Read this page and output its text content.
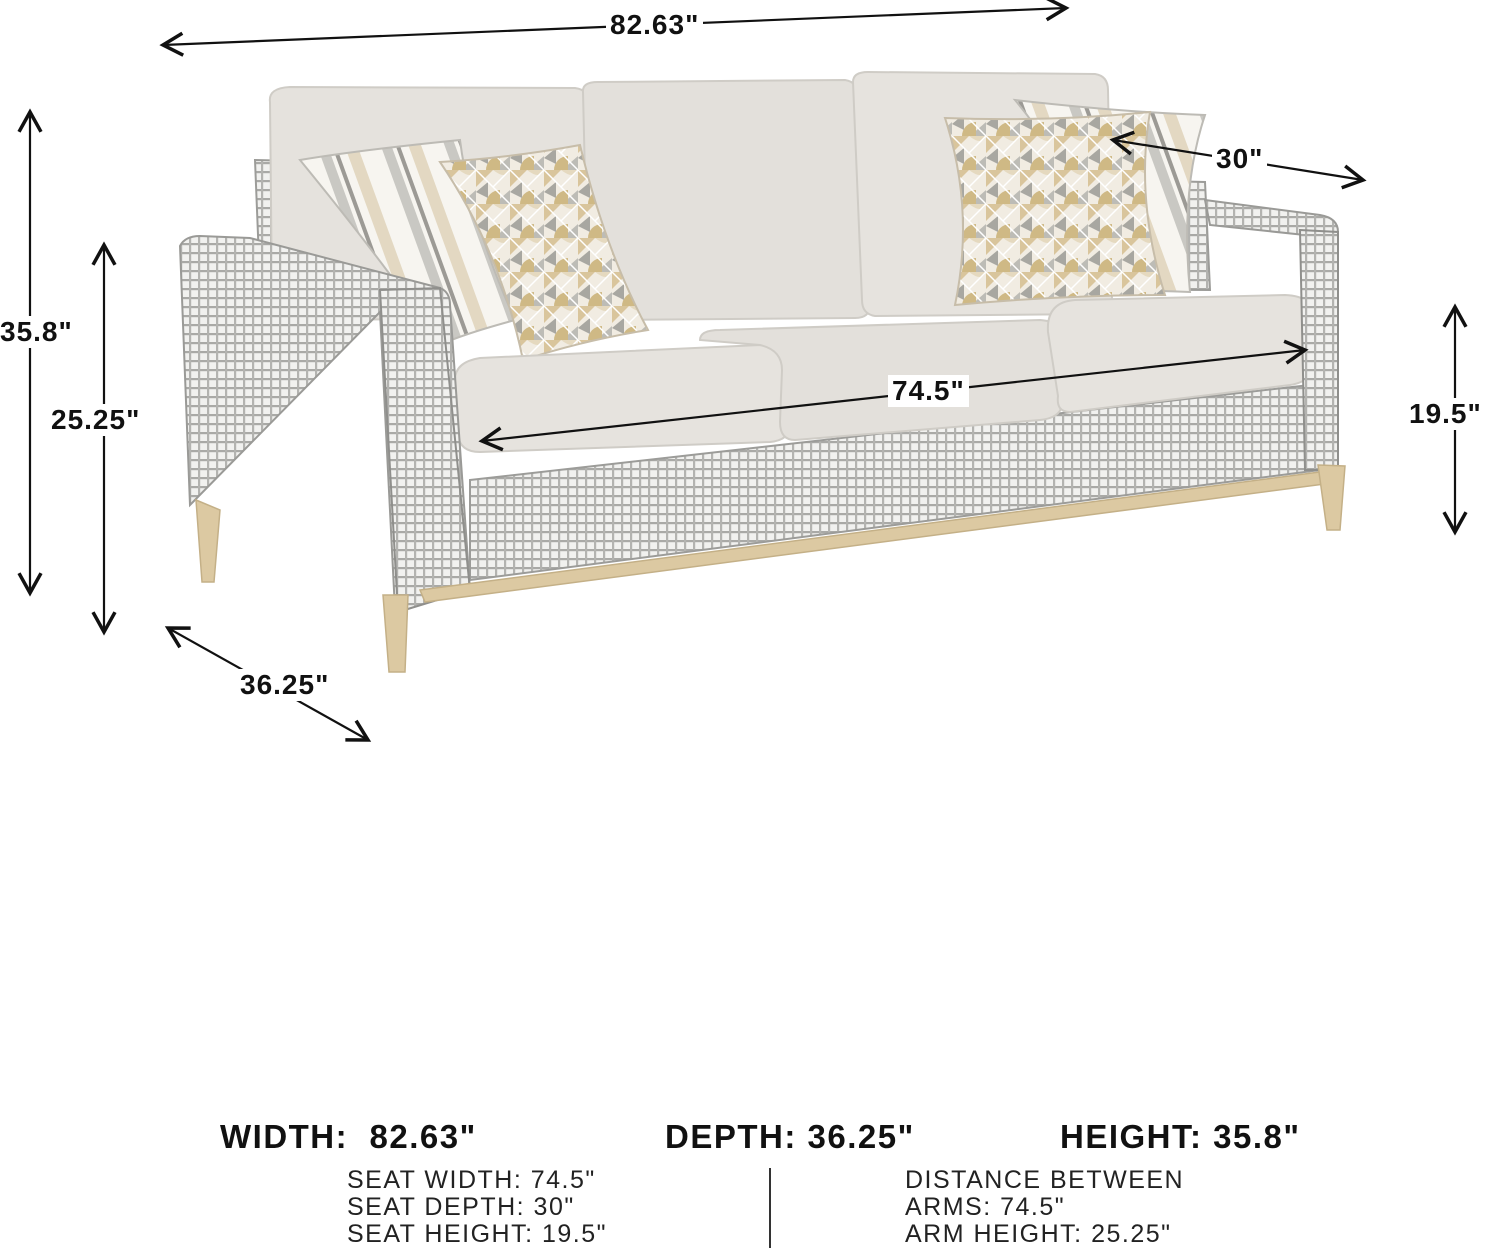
82.63"
35.8"
25.25"
36.25"
30"
74.5"
19.5"
WIDTH: 82.63"	DEPTH: 36.25"	HEIGHT: 35.8"
SEAT WIDTH: 74.5"
SEAT DEPTH: 30"
SEAT HEIGHT: 19.5"
DISTANCE BETWEEN
ARMS: 74.5"
ARM HEIGHT: 25.25"
